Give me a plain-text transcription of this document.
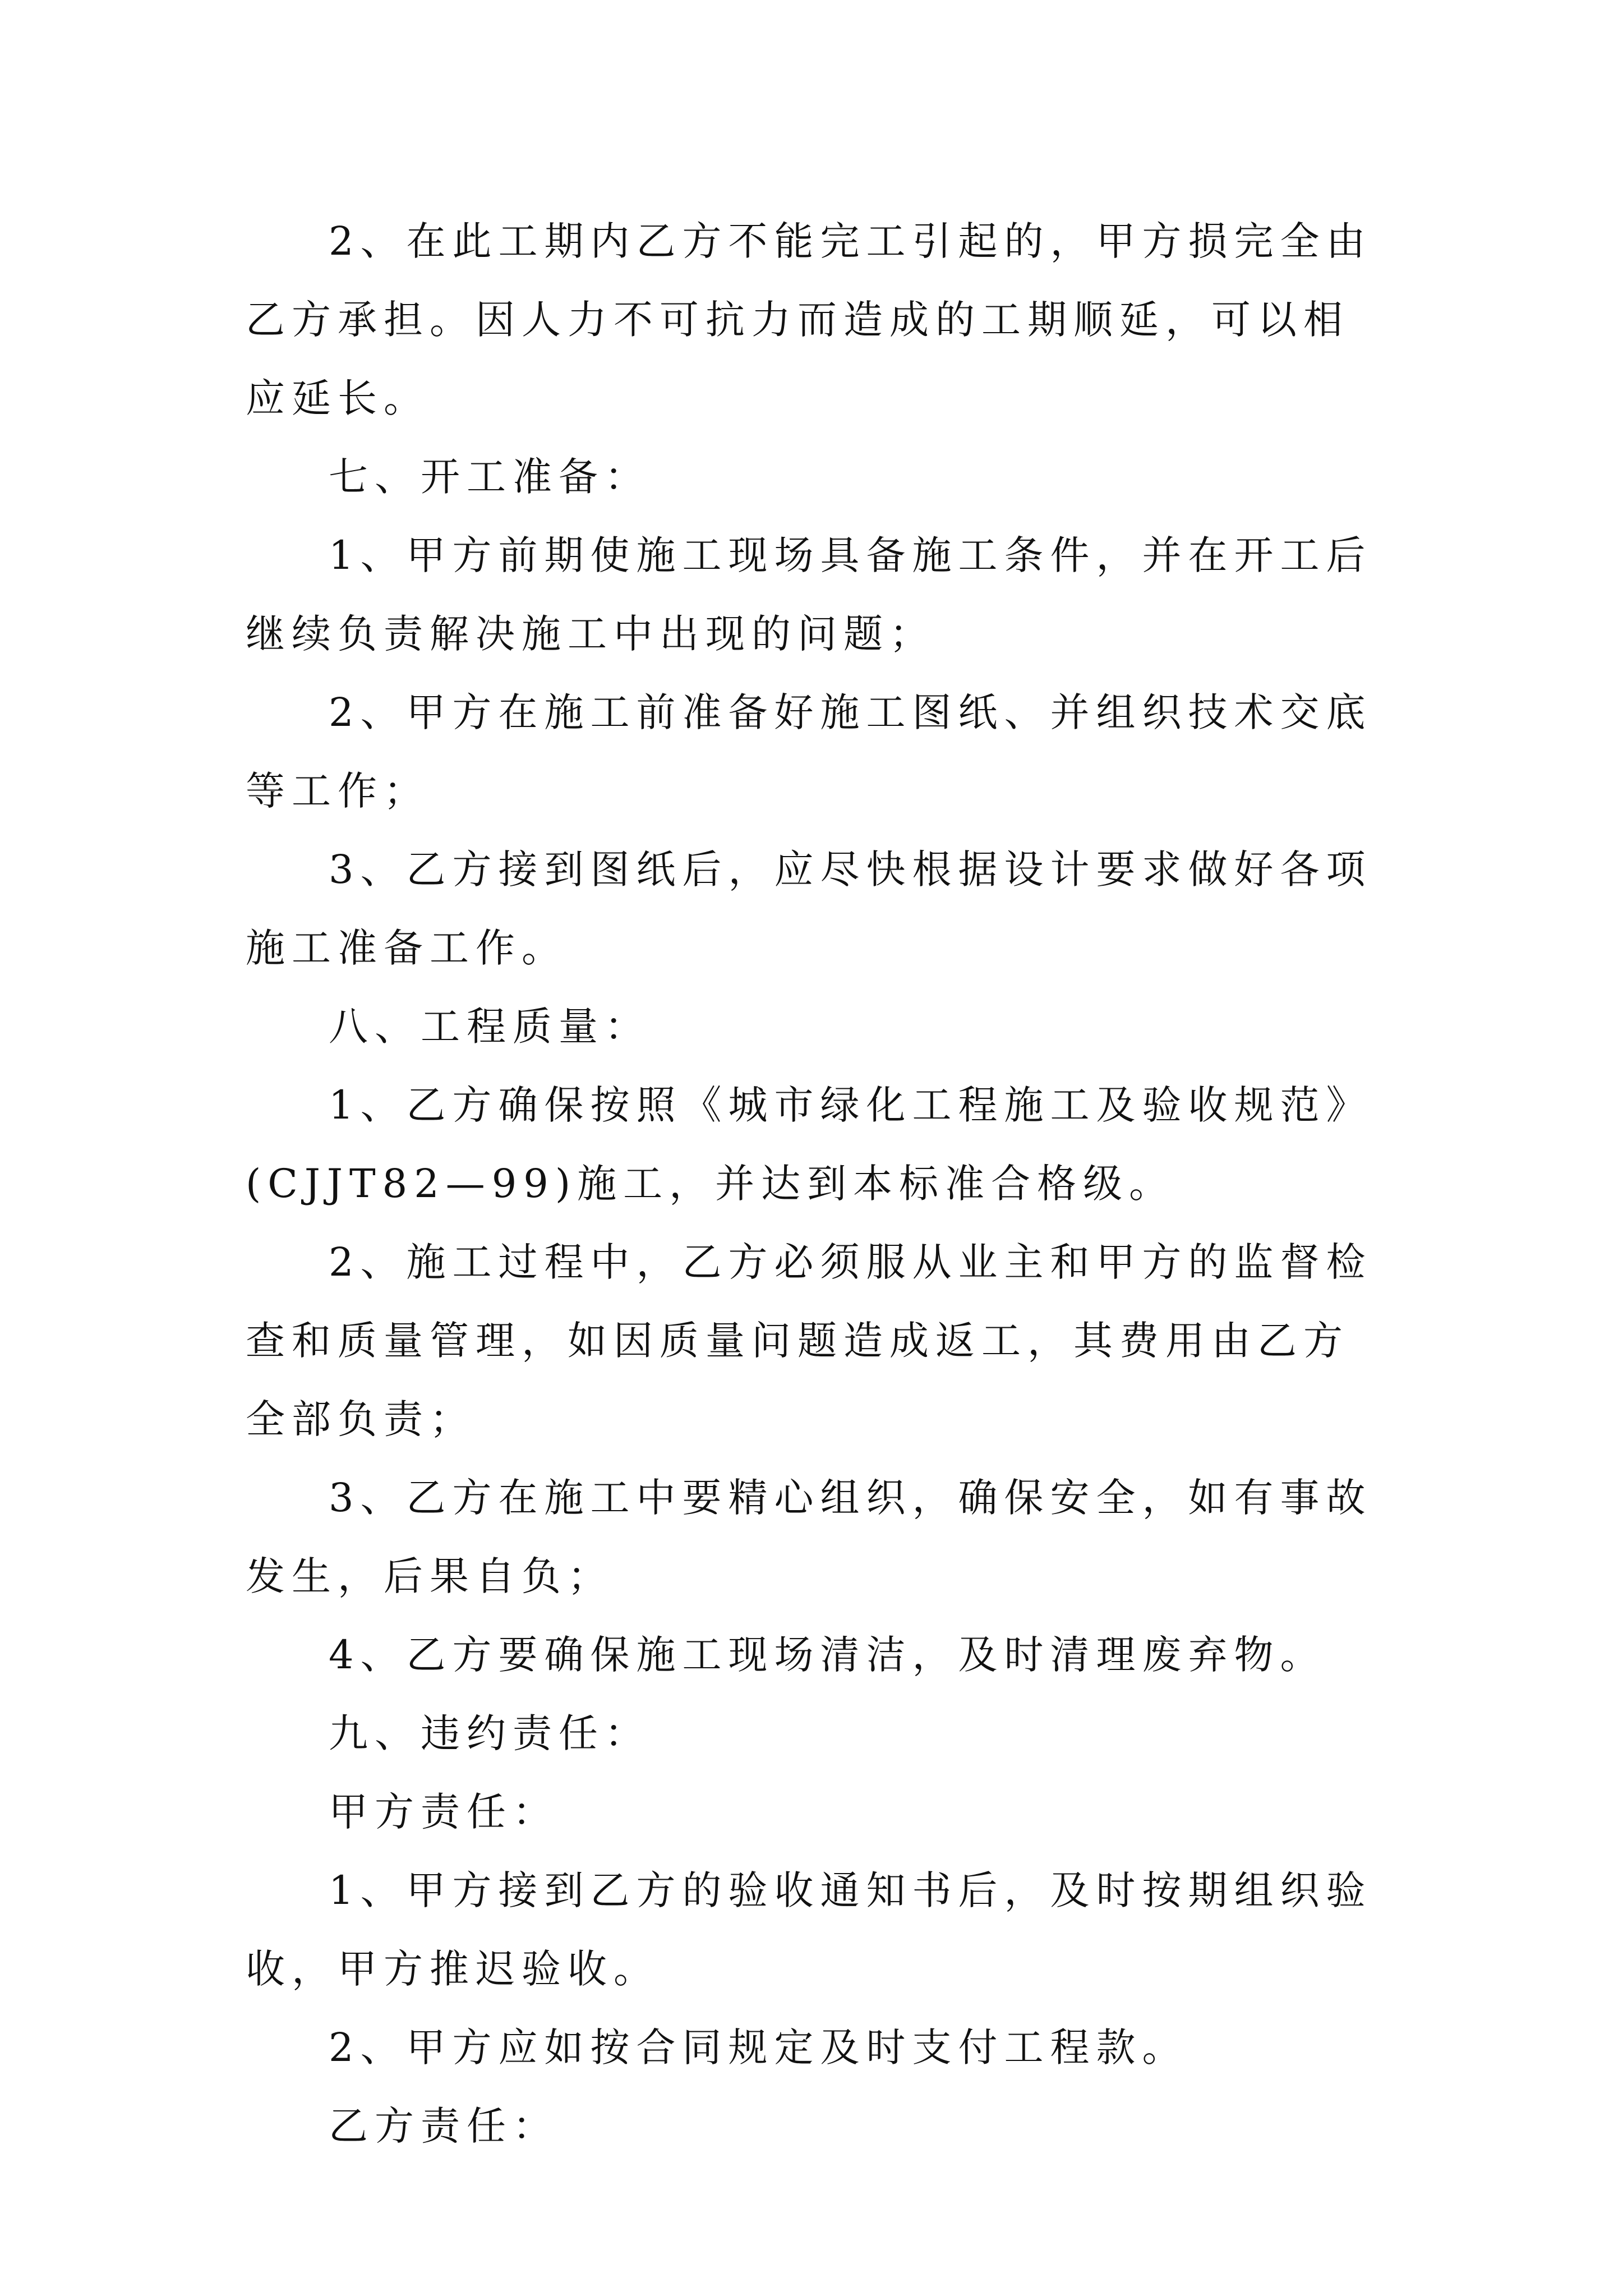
2、在此工期内乙方不能完工引起的，甲方损完全由乙方承担。因人力不可抗力而造成的工期顺延，可以相应延长。

七、开工准备：

1、甲方前期使施工现场具备施工条件，并在开工后继续负责解决施工中出现的问题；

2、甲方在施工前准备好施工图纸、并组织技术交底等工作；

3、乙方接到图纸后，应尽快根据设计要求做好各项施工准备工作。

八、工程质量：

1、乙方确保按照《城市绿化工程施工及验收规范》(CJJT82—99)施工，并达到本标准合格级。

2、施工过程中，乙方必须服从业主和甲方的监督检查和质量管理，如因质量问题造成返工，其费用由乙方全部负责；

3、乙方在施工中要精心组织，确保安全，如有事故发生，后果自负；

4、乙方要确保施工现场清洁，及时清理废弃物。

九、违约责任：

甲方责任：

1、甲方接到乙方的验收通知书后，及时按期组织验收，甲方推迟验收。

2、甲方应如按合同规定及时支付工程款。

乙方责任：
